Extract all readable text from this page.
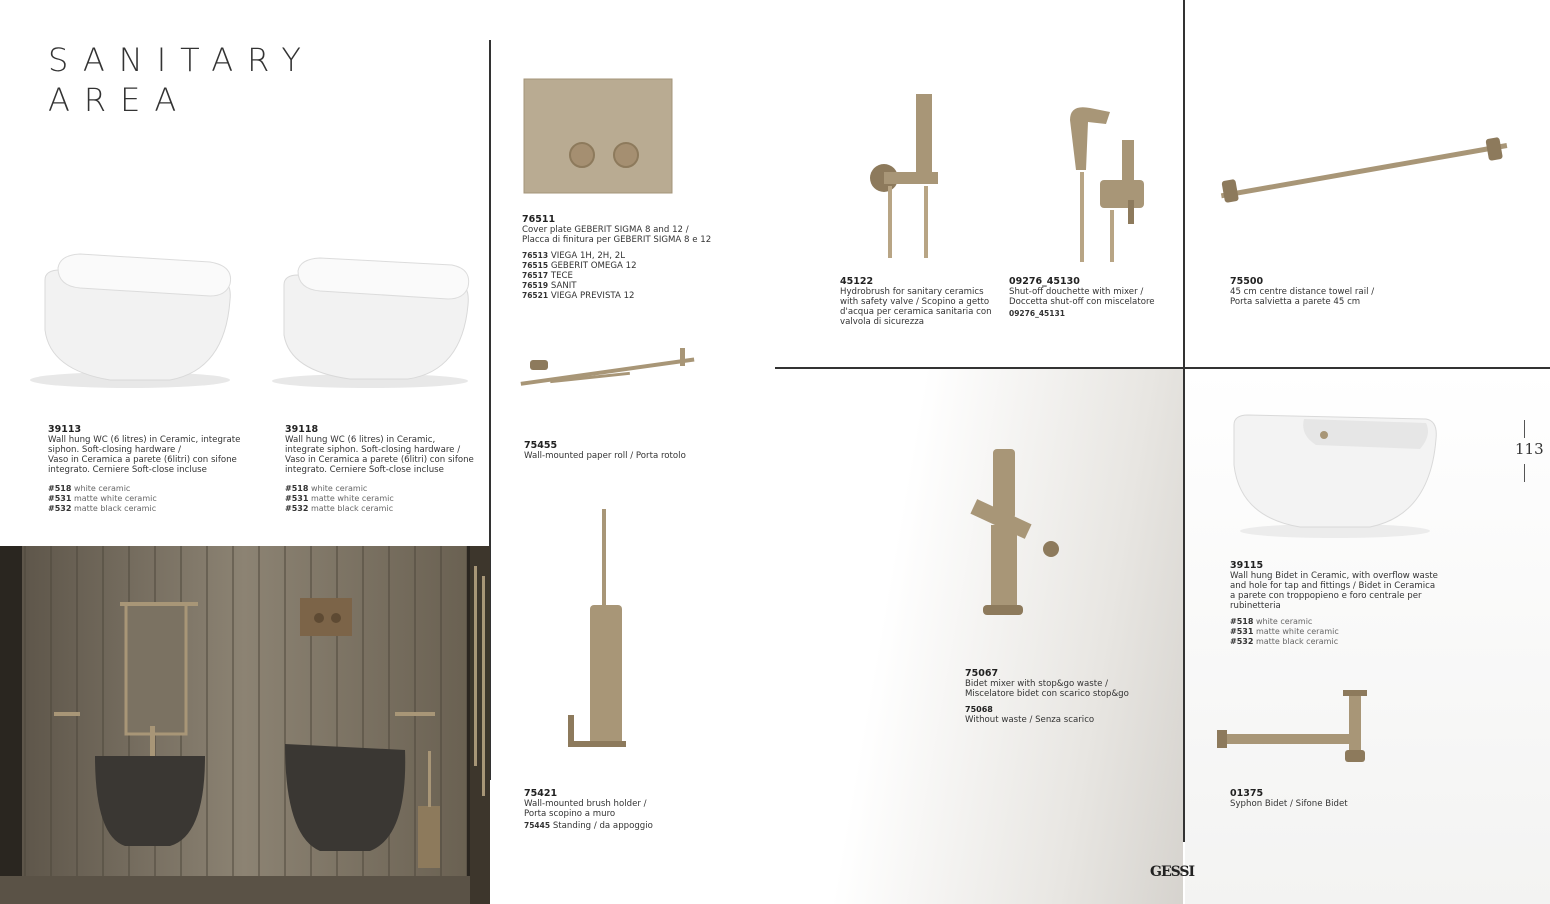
SANITARY
AREA
39113
Wall hung WC (6 litres) in Ceramic, integrate
siphon. Soft-closing hardware /
Vaso in Ceramica a parete (6litri) con sifone
integrato. Cerniere Soft-close incluse
#518 white ceramic
#531 matte white ceramic
#532 matte black ceramic
39118
Wall hung WC (6 litres) in Ceramic,
integrate siphon. Soft-closing hardware /
Vaso in Ceramica a parete (6litri) con sifone
integrato. Cerniere Soft-close incluse
#518 white ceramic
#531 matte white ceramic
#532 matte black ceramic
76511
Cover plate GEBERIT SIGMA 8 and 12 /
Placca di finitura per GEBERIT SIGMA 8 e 12
76513 VIEGA 1H, 2H, 2L
76515 GEBERIT OMEGA 12
76517 TECE
76519 SANIT
76521 VIEGA PREVISTA 12
75455
Wall-mounted paper roll / Porta rotolo
75421
Wall-mounted brush holder /
Porta scopino a muro
75445 Standing / da appoggio
45122
Hydrobrush for sanitary ceramics
with safety valve / Scopino a getto
d'acqua per ceramica sanitaria con
valvola di sicurezza
09276_45130
Shut-off douchette with mixer /
Doccetta shut-off con miscelatore
09276_45131
75500
45 cm centre distance towel rail /
Porta salvietta a parete 45 cm
75067
Bidet mixer with stop&go waste /
Miscelatore bidet con scarico stop&go
75068
Without waste / Senza scarico
39115
Wall hung Bidet in Ceramic, with overflow waste
and hole for tap and fittings / Bidet in Ceramica
a parete con troppopieno e foro centrale per
rubinetteria
#518 white ceramic
#531 matte white ceramic
#532 matte black ceramic
01375
Syphon Bidet / Sifone Bidet
113
GESSI
